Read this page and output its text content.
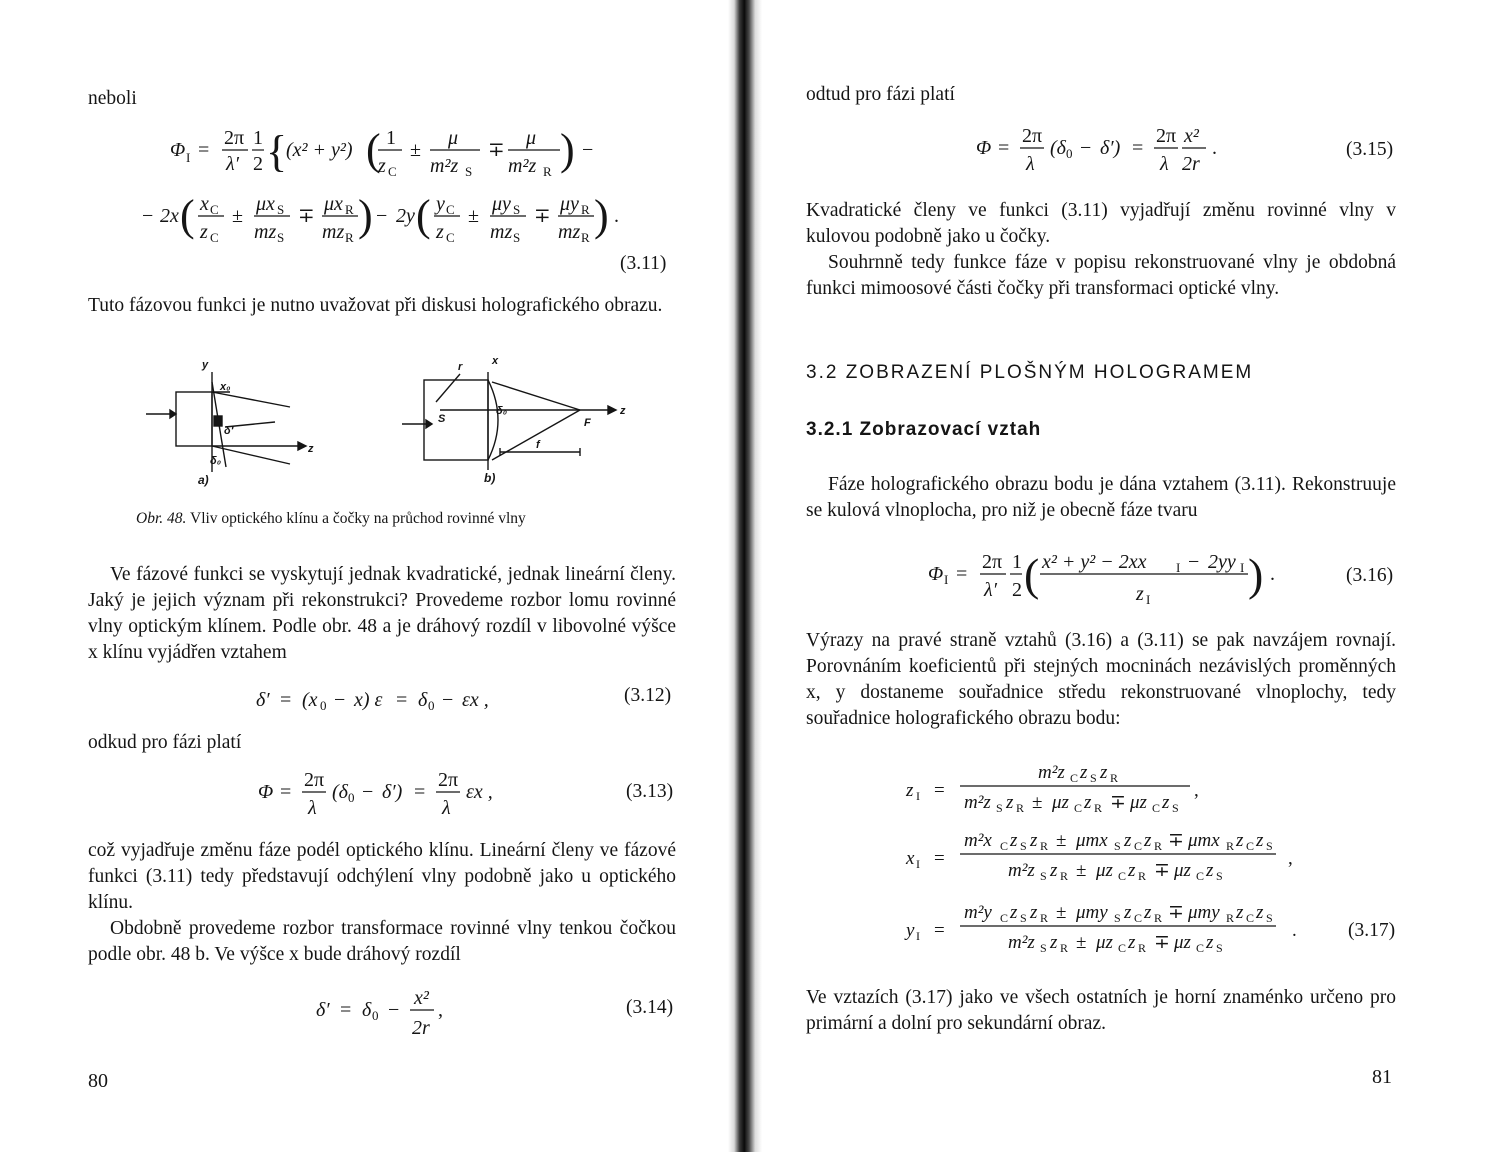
neboli
Φ I =
2π
λ′
1
2 {
(x² + y²) ( 1
z C
±
μ
m²z S
∓
μ
m²z R ) −
− 2x ( x C
z C
±
μx S
mz S
∓
μx R
mz R ) − 2y ( y C
z C
±
μy S
mz S
∓
μy R
mz R ) .
(3.11)
Tuto fázovou funkci je nutno uvažovat při diskusi holografického obrazu.
y
x₀
δ′
δ₀
z
x
r
S
δ₀
F
f
z
a)	b)
Obr. 48. Vliv optického klínu a čočky na průchod rovinné vlny
Ve fázové funkci se vyskytují jednak kvadratické, jednak lineární členy. Jaký je jejich význam při rekonstrukci? Provedeme rozbor lomu rovinné vlny optickým klínem. Podle obr. 48 a je dráhový rozdíl v libovolné výšce x klínu vyjádřen vztahem
δ′ = (x 0 − x) ε = δ 0 − εx ,	(3.12)
odkud pro fázi platí
Φ =
2π
λ
(δ 0 − δ′) =
2π
λ
εx ,	(3.13)
což vyjadřuje změnu fáze podél optického klínu. Lineární členy ve fázové funkci (3.11) tedy představují odchýlení vlny podobně jako u optického klínu.
Obdobně provedeme rozbor transformace rovinné vlny tenkou čočkou podle obr. 48 b. Ve výšce x bude dráhový rozdíl
δ′ = δ 0 −
x²
2r
,	(3.14)
80
odtud pro fázi platí
Φ =
2π
λ
(δ 0 − δ′) =
2π
λ
x²
2r
.	(3.15)
Kvadratické členy ve funkci (3.11) vyjadřují změnu rovinné vlny v kulovou podobně jako u čočky.
Souhrnně tedy funkce fáze v popisu rekonstruované vlny je obdobná funkci mimoosové části čočky při transformaci optické vlny.
3.2 ZOBRAZENÍ PLOŠNÝM HOLOGRAMEM
3.2.1 Zobrazovací vztah
Fáze holografického obrazu bodu je dána vztahem (3.11). Rekonstruuje se kulová vlnoplocha, pro niž je obecně fáze tvaru
Φ I =
2π
λ′
1
2 ( x² + y² − 2xx I − 2yy I
z I ) .	(3.16)
Výrazy na pravé straně vztahů (3.16) a (3.11) se pak navzájem rovnají. Porovnáním koeficientů při stejných mocninách nezávislých proměnných x, y dostaneme souřadnice středu rekonstruované vlnoplochy, tedy souřadnice holografického obrazu bodu:
z I =
m²z C z S z R
m²z S z R ± μz C z R ∓ μz C z S
,
x I =
m²x C z S z R ± μmx S z C z R ∓ μmx R z C z S
m²z S z R ± μz C z R ∓ μz C z S
,
y I =
m²y C z S z R ± μmy S z C z R ∓ μmy R z C z S
m²z S z R ± μz C z R ∓ μz C z S
.	(3.17)
Ve vztazích (3.17) jako ve všech ostatních je horní znaménko určeno pro primární a dolní pro sekundární obraz.
81
